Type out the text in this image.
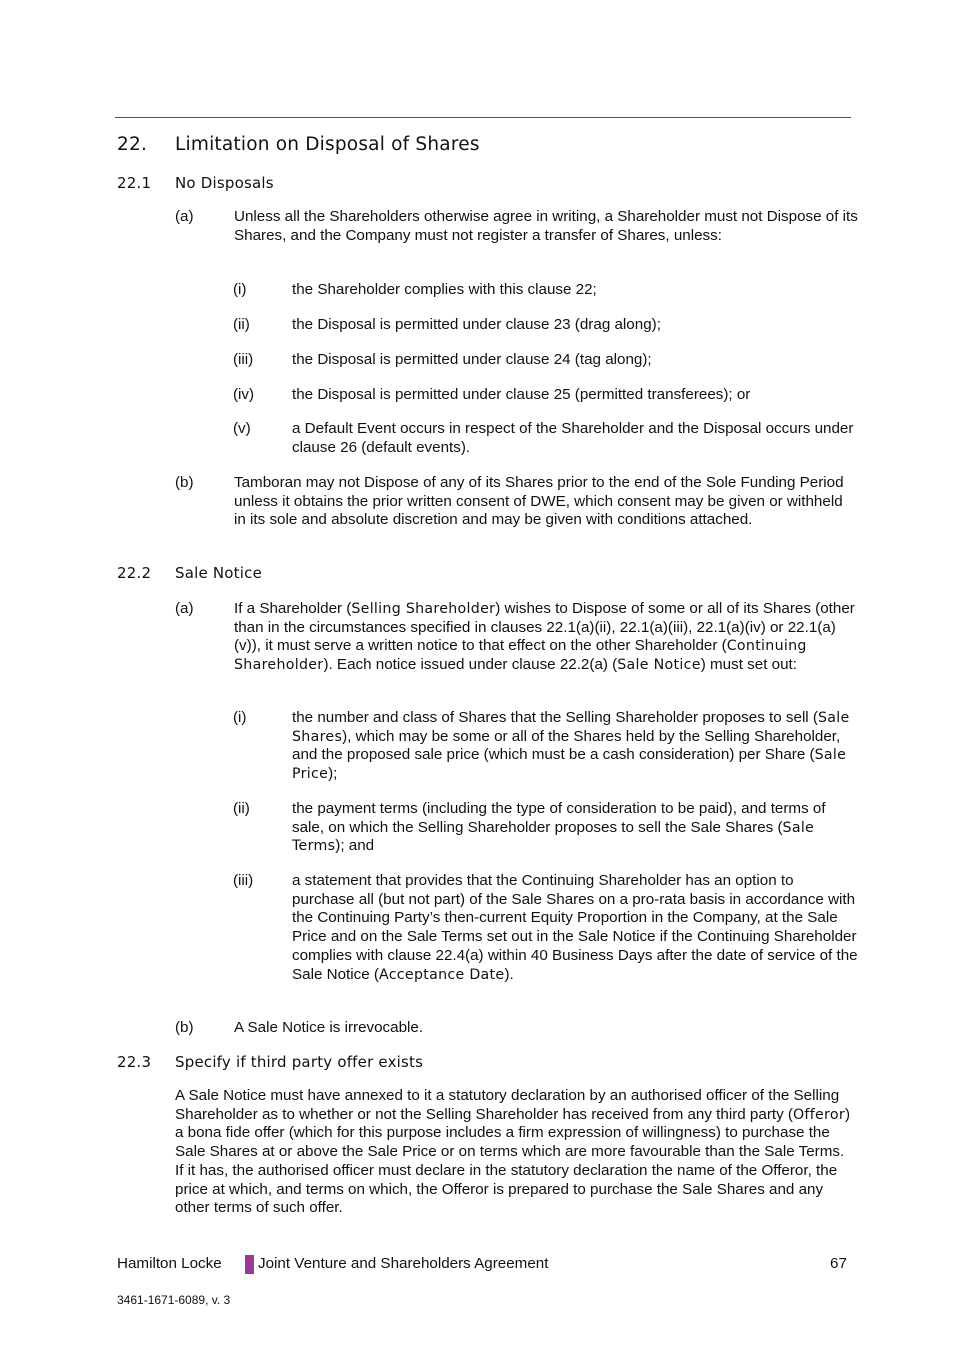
22. Limitation on Disposal of Shares
22.1 No Disposals
(a)	Unless all the Shareholders otherwise agree in writing, a Shareholder must not Dispose of its Shares, and the Company must not register a transfer of Shares, unless:
(i)	the Shareholder complies with this clause 22;
(ii)	the Disposal is permitted under clause 23 (drag along);
(iii)	the Disposal is permitted under clause 24 (tag along);
(iv) the Disposal is permitted under clause 25 (permitted transferees); or
(v)	a Default Event occurs in respect of the Shareholder and the Disposal occurs under clause 26 (default events).
(b)	Tamboran may not Dispose of any of its Shares prior to the end of the Sole Funding Period unless it obtains the prior written consent of DWE, which consent may be given or withheld in its sole and absolute discretion and may be given with conditions attached.
22.2 Sale Notice
(a)	If a Shareholder (Selling Shareholder) wishes to Dispose of some or all of its Shares (other than in the circumstances specified in clauses 22.1(a)(ii), 22.1(a)(iii), 22.1(a)(iv) or 22.1(a)(v)), it must serve a written notice to that effect on the other Shareholder (Continuing Shareholder). Each notice issued under clause 22.2(a) (Sale Notice) must set out:
(i)	the number and class of Shares that the Selling Shareholder proposes to sell (Sale Shares), which may be some or all of the Shares held by the Selling Shareholder, and the proposed sale price (which must be a cash consideration) per Share (Sale Price);
(ii)	the payment terms (including the type of consideration to be paid), and terms of sale, on which the Selling Shareholder proposes to sell the Sale Shares (Sale Terms); and
(iii)	a statement that provides that the Continuing Shareholder has an option to purchase all (but not part) of the Sale Shares on a pro-rata basis in accordance with the Continuing Party’s then-current Equity Proportion in the Company, at the Sale Price and on the Sale Terms set out in the Sale Notice if the Continuing Shareholder complies with clause 22.4(a) within 40 Business Days after the date of service of the Sale Notice (Acceptance Date).
(b)	A Sale Notice is irrevocable.
22.3 Specify if third party offer exists
A Sale Notice must have annexed to it a statutory declaration by an authorised officer of the Selling Shareholder as to whether or not the Selling Shareholder has received from any third party (Offeror) a bona fide offer (which for this purpose includes a firm expression of willingness) to purchase the Sale Shares at or above the Sale Price or on terms which are more favourable than the Sale Terms. If it has, the authorised officer must declare in the statutory declaration the name of the Offeror, the price at which, and terms on which, the Offeror is prepared to purchase the Sale Shares and any other terms of such offer.
Hamilton Locke Joint Venture and Shareholders Agreement	67
3461-1671-6089, v. 3
